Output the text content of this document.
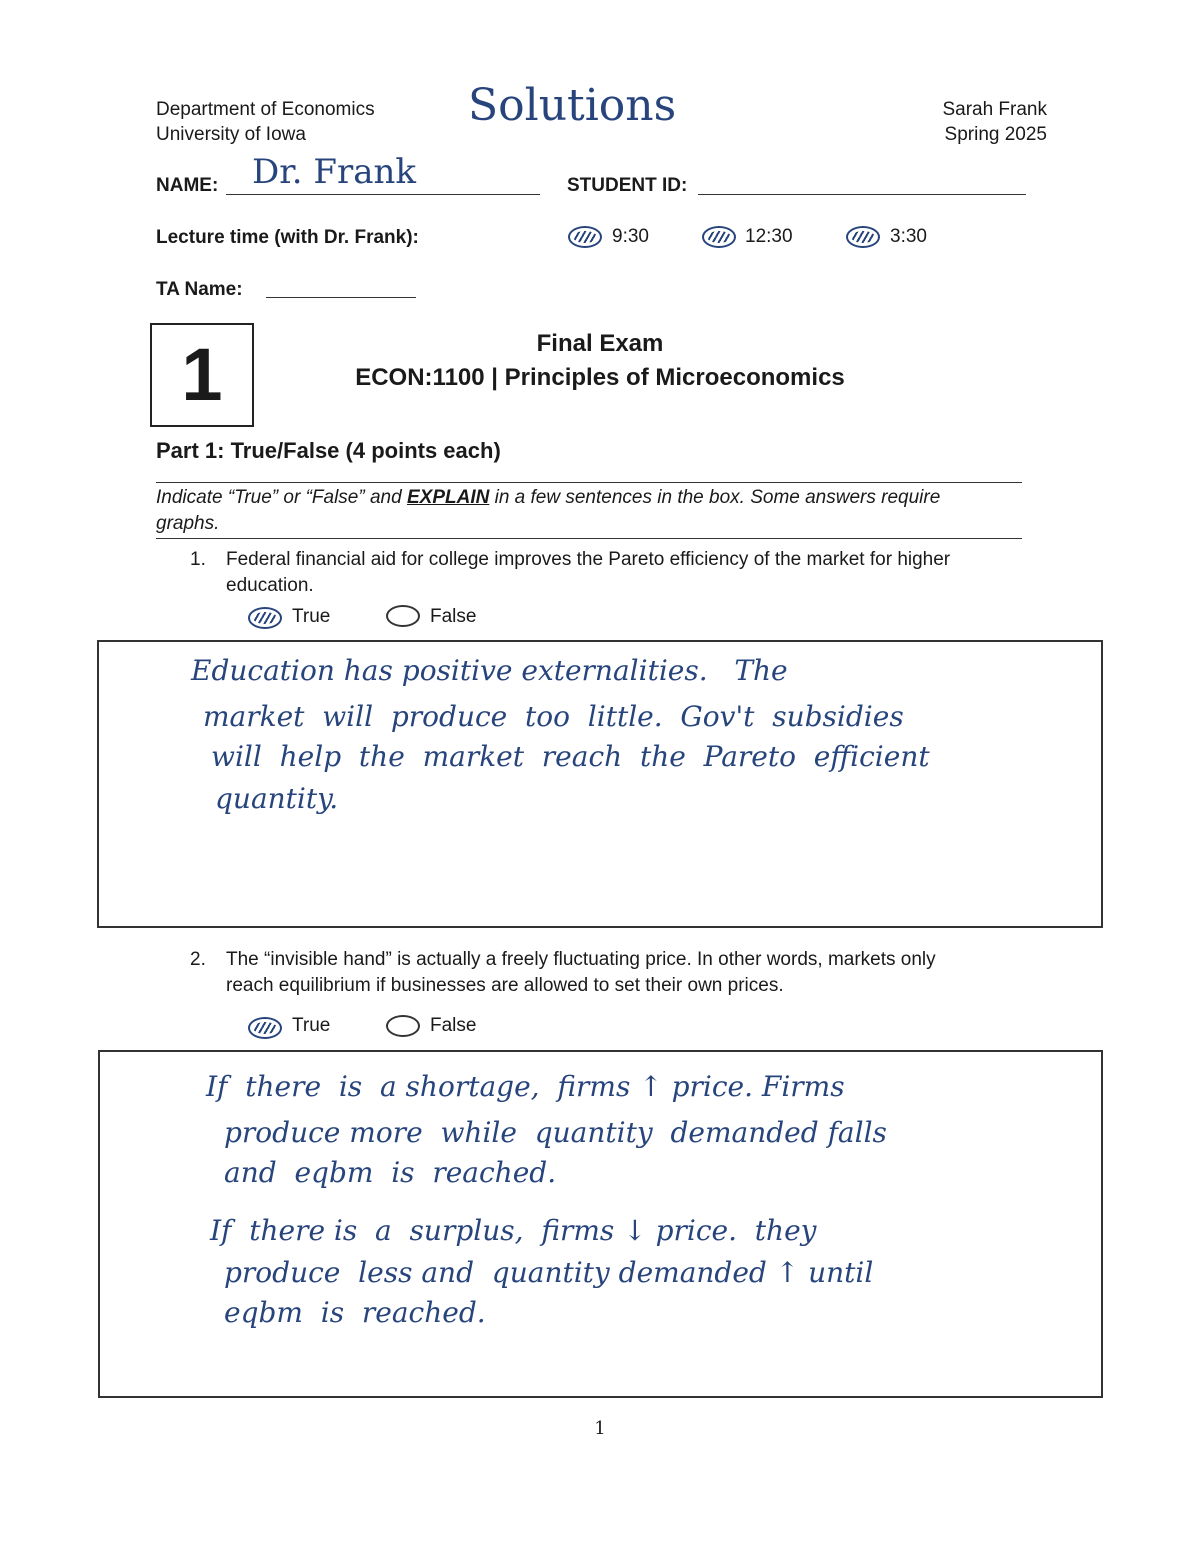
Department of Economics
University of Iowa
Solutions	Sarah Frank
Spring 2025
NAME: Dr. Frank	STUDENT ID:
Lecture time (with Dr. Frank):	9:30	12:30	3:30
TA Name:
1	Final Exam
ECON:1100 | Principles of Microeconomics
Part 1: True/False (4 points each)
Indicate “True” or “False” and EXPLAIN in a few sentences in the box. Some answers require
graphs.
1. Federal financial aid for college improves the Pareto efficiency of the market for higher
education.
True	False
Education has positive externalities.   The
market  will  produce  too  little.  Gov't  subsidies
will  help  the  market  reach  the  Pareto  efficient
quantity.
2. The “invisible hand” is actually a freely fluctuating price. In other words, markets only
reach equilibrium if businesses are allowed to set their own prices.
True	False
If  there  is  a shortage,  firms ↑ price. Firms
produce more  while  quantity  demanded falls
and  eqbm  is  reached.
If  there is  a  surplus,  firms ↓ price.  they
produce  less and  quantity demanded ↑ until
eqbm  is  reached.
1
